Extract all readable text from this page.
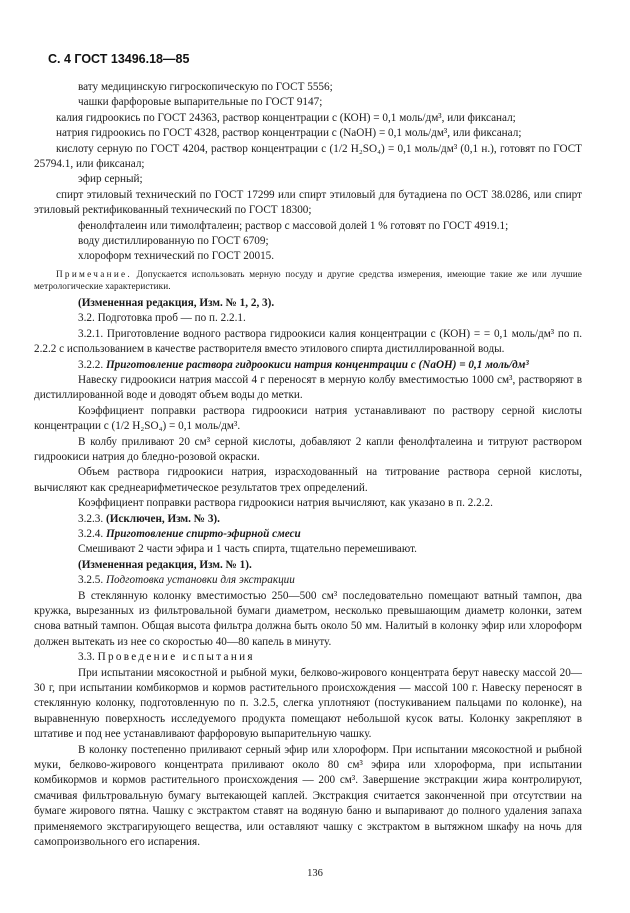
С. 4 ГОСТ 13496.18—85

вату медицинскую гигроскопическую по ГОСТ 5556;

чашки фарфоровые выпарительные по ГОСТ 9147;

калия гидроокись по ГОСТ 24363, раствор концентрации с (КОН) = 0,1 моль/дм³, или фиксанал;

натрия гидроокись по ГОСТ 4328, раствор концентрации с (NaOH) = 0,1 моль/дм³, или фиксанал;

кислоту серную по ГОСТ 4204, раствор концентрации с (1/2 H₂SO₄) = 0,1 моль/дм³ (0,1 н.), готовят по ГОСТ 25794.1, или фиксанал;

эфир серный;

спирт этиловый технический по ГОСТ 17299 или спирт этиловый для бутадиена по ОСТ 38.0286, или спирт этиловый ректификованный технический по ГОСТ 18300;

фенолфталеин или тимолфталеин; раствор с массовой долей 1 % готовят по ГОСТ 4919.1;

воду дистиллированную по ГОСТ 6709;

хлороформ технический по ГОСТ 20015.

Примечание. Допускается использовать мерную посуду и другие средства измерения, имеющие такие же или лучшие метрологические характеристики.

(Измененная редакция, Изм. № 1, 2, 3).

3.2. Подготовка проб — по п. 2.2.1.

3.2.1. Приготовление водного раствора гидроокиси калия концентрации с (КОН) = = 0,1 моль/дм³ по п. 2.2.2 с использованием в качестве растворителя вместо этилового спирта дистиллированной воды.

3.2.2. Приготовление раствора гидроокиси натрия концентрации с (NaOH) = 0,1 моль/дм³

Навеску гидроокиси натрия массой 4 г переносят в мерную колбу вместимостью 1000 см³, растворяют в дистиллированной воде и доводят объем воды до метки.

Коэффициент поправки раствора гидроокиси натрия устанавливают по раствору серной кислоты концентрации с (1/2 H₂SO₄) = 0,1 моль/дм³.

В колбу приливают 20 см³ серной кислоты, добавляют 2 капли фенолфталеина и титруют раствором гидроокиси натрия до бледно-розовой окраски.

Объем раствора гидроокиси натрия, израсходованный на титрование раствора серной кислоты, вычисляют как среднеарифметическое результатов трех определений.

Коэффициент поправки раствора гидроокиси натрия вычисляют, как указано в п. 2.2.2.

3.2.3. (Исключен, Изм. № 3).

3.2.4. Приготовление спирто-эфирной смеси

Смешивают 2 части эфира и 1 часть спирта, тщательно перемешивают.

(Измененная редакция, Изм. № 1).

3.2.5. Подготовка установки для экстракции

В стеклянную колонку вместимостью 250—500 см³ последовательно помещают ватный тампон, два кружка, вырезанных из фильтровальной бумаги диаметром, несколько превышающим диаметр колонки, затем снова ватный тампон. Общая высота фильтра должна быть около 50 мм. Налитый в колонку эфир или хлороформ должен вытекать из нее со скоростью 40—80 капель в минуту.

3.3. Проведение испытания

При испытании мясокостной и рыбной муки, белково-жирового концентрата берут навеску массой 20—30 г, при испытании комбикормов и кормов растительного происхождения — массой 100 г. Навеску переносят в стеклянную колонку, подготовленную по п. 3.2.5, слегка уплотняют (постукиванием пальцами по колонке), на выравненную поверхность исследуемого продукта помещают небольшой кусок ваты. Колонку закрепляют в штативе и под нее устанавливают фарфоровую выпарительную чашку.

В колонку постепенно приливают серный эфир или хлороформ. При испытании мясокостной и рыбной муки, белково-жирового концентрата приливают около 80 см³ эфира или хлороформа, при испытании комбикормов и кормов растительного происхождения — 200 см³. Завершение экстракции жира контролируют, смачивая фильтровальную бумагу вытекающей каплей. Экстракция считается законченной при отсутствии на бумаге жирового пятна. Чашку с экстрактом ставят на водяную баню и выпаривают до полного удаления запаха применяемого экстрагирующего вещества, или оставляют чашку с экстрактом в вытяжном шкафу на ночь для самопроизвольного его испарения.

136
